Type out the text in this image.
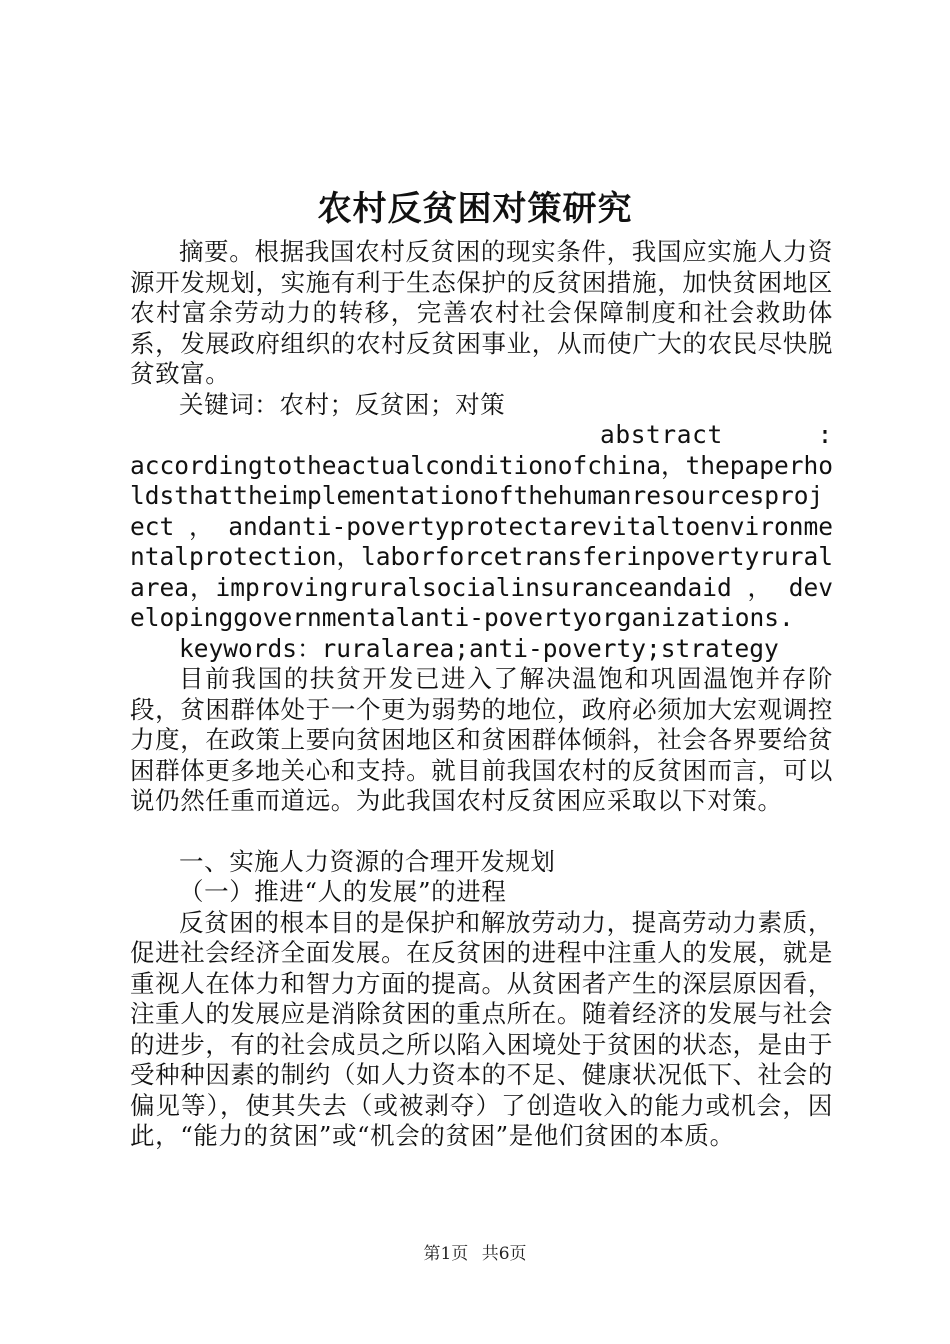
农村反贫困对策研究

摘要。根据我国农村反贫困的现实条件，我国应实施人力资源开发规划，实施有利于生态保护的反贫困措施，加快贫困地区农村富余劳动力的转移，完善农村社会保障制度和社会救助体系，发展政府组织的农村反贫困事业，从而使广大的农民尽快脱贫致富。

关键词：农村；反贫困；对策

abstract	:

accordingtotheactualconditionofchina，thepaperholdsthattheimplementationofthehumanresourcesproject ， andanti-povertyprotectarevitaltoenvironmentalprotection，laborforcetransferinpovertyruralarea，improvingruralsocialinsuranceandaid ， developinggovernmentalanti-povertyorganizations.

keywords：ruralarea;anti-poverty;strategy

目前我国的扶贫开发已进入了解决温饱和巩固温饱并存阶段，贫困群体处于一个更为弱势的地位，政府必须加大宏观调控力度，在政策上要向贫困地区和贫困群体倾斜，社会各界要给贫困群体更多地关心和支持。就目前我国农村的反贫困而言，可以说仍然任重而道远。为此我国农村反贫困应采取以下对策。

一、实施人力资源的合理开发规划

（一）推进“人的发展”的进程

反贫困的根本目的是保护和解放劳动力，提高劳动力素质，促进社会经济全面发展。在反贫困的进程中注重人的发展，就是重视人在体力和智力方面的提高。从贫困者产生的深层原因看，注重人的发展应是消除贫困的重点所在。随着经济的发展与社会的进步，有的社会成员之所以陷入困境处于贫困的状态，是由于受种种因素的制约（如人力资本的不足、健康状况低下、社会的偏见等），使其失去（或被剥夺）了创造收入的能力或机会，因此，“能力的贫困”或“机会的贫困”是他们贫困的本质。

第1页 共6页
